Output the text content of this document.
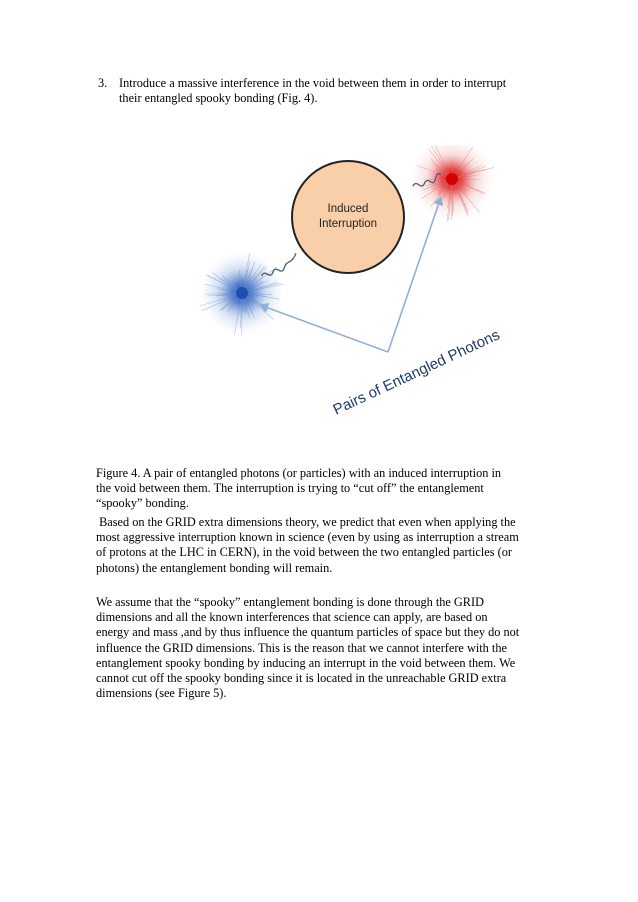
3. Introduce a massive interference in the void between them in order to interrupt
their entangled spooky bonding (Fig. 4).
Induced
Interruption
Pairs of Entangled Photons
Figure 4. A pair of entangled photons (or particles) with an induced interruption in
the void between them. The interruption is trying to “cut off” the entanglement
“spooky” bonding.
Based on the GRID extra dimensions theory, we predict that even when applying the
most aggressive interruption known in science (even by using as interruption a stream
of protons at the LHC in CERN), in the void between the two entangled particles (or
photons) the entanglement bonding will remain.
We assume that the “spooky” entanglement bonding is done through the GRID
dimensions and all the known interferences that science can apply, are based on
energy and mass ,and by thus influence the quantum particles of space but they do not
influence the GRID dimensions. This is the reason that we cannot interfere with the
entanglement spooky bonding by inducing an interrupt in the void between them. We
cannot cut off the spooky bonding since it is located in the unreachable GRID extra
dimensions (see Figure 5).
